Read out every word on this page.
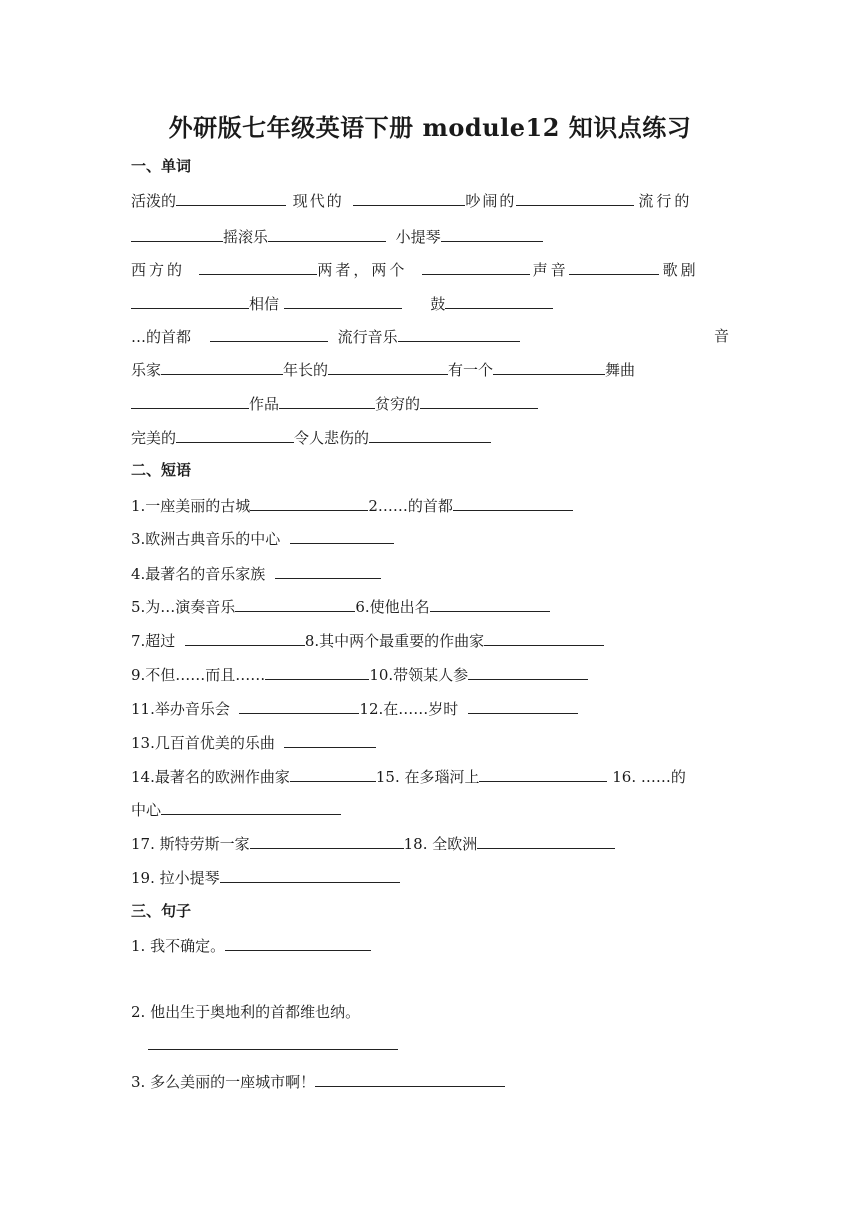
外研版七年级英语下册 module12 知识点练习
一、单词
活泼的	现代的	吵闹的	流行的
摇滚乐	小提琴
西方的	两者，两个	声音	歌剧
相信	鼓
…的首都	流行音乐	音
乐家	年长的	有一个	舞曲
作品	贫穷的
完美的	令人悲伤的
二、短语
1.一座美丽的古城	2……的首都
3.欧洲古典音乐的中心
4.最著名的音乐家族
5.为…演奏音乐	6.使他出名
7.超过	8.其中两个最重要的作曲家
9.不但……而且……	10.带领某人参
11.举办音乐会	12.在……岁时
13.几百首优美的乐曲
14.最著名的欧洲作曲家	15. 在多瑙河上	16. ……的
中心
17. 斯特劳斯一家	18. 全欧洲
19. 拉小提琴
三、句子
1. 我不确定。
2. 他出生于奥地利的首都维也纳。
3. 多么美丽的一座城市啊！
